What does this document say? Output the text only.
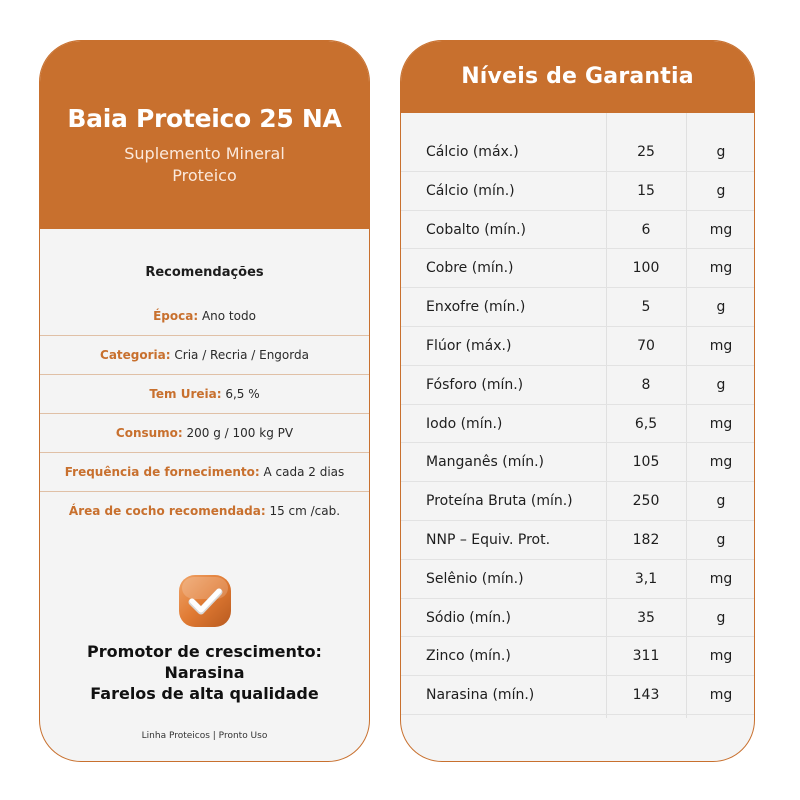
Baia Proteico 25 NA
Suplemento Mineral
Proteico
Recomendações
Época: Ano todo
Categoria: Cria / Recria / Engorda
Tem Ureia: 6,5 %
Consumo: 200 g / 100 kg PV
Frequência de fornecimento: A cada 2 dias
Área de cocho recomendada: 15 cm /cab.
Promotor de crescimento:
Narasina
Farelos de alta qualidade
Linha Proteicos | Pronto Uso
Níveis de Garantia
Cálcio (máx.)	25	g
Cálcio (mín.)	15	g
Cobalto (mín.)	6	mg
Cobre (mín.)	100	mg
Enxofre (mín.)	5	g
Flúor (máx.)	70	mg
Fósforo (mín.)	8	g
Iodo (mín.)	6,5	mg
Manganês (mín.)	105	mg
Proteína Bruta (mín.)	250	g
NNP – Equiv. Prot.	182	g
Selênio (mín.)	3,1	mg
Sódio (mín.)	35	g
Zinco (mín.)	311	mg
Narasina (mín.)	143	mg
